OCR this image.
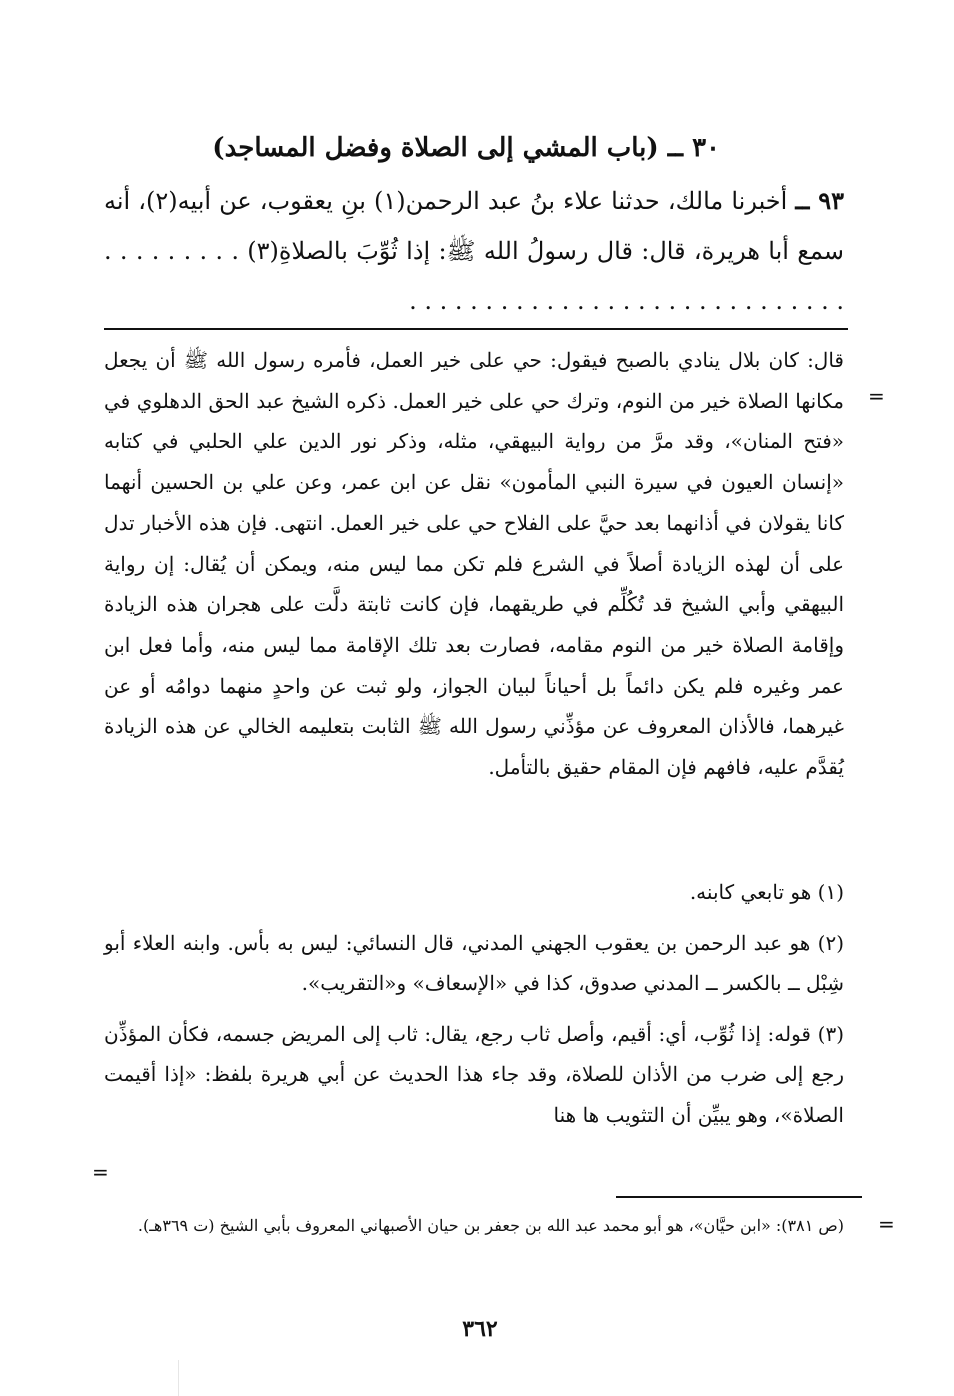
٣٠ ــ (باب المشي إلى الصلاة وفضل المساجد)
٩٣ ــ أخبرنا مالك، حدثنا علاء بنُ عبد الرحمن(١) بنِ يعقوب، عن أبيه(٢)، أنه سمع أبا هريرة، قال: قال رسولُ الله ﷺ: إذا ثُوِّبَ بالصلاةِ(٣) . . . . . . . . . . . . . . . . . . . . . . . . . . . . . . . . . . . . . .
=
قال: كان بلال ينادي بالصبح فيقول: حي على خير العمل، فأمره رسول الله ﷺ أن يجعل مكانها الصلاة خير من النوم، وترك حي على خير العمل. ذكره الشيخ عبد الحق الدهلوي في «فتح المنان»، وقد مرَّ من رواية البيهقي، مثله، وذكر نور الدين علي الحلبي في كتابه «إنسان العيون في سيرة النبي المأمون» نقل عن ابن عمر، وعن علي بن الحسين أنهما كانا يقولان في أذانهما بعد حيَّ على الفلاح حي على خير العمل. انتهى. فإن هذه الأخبار تدل على أن لهذه الزيادة أصلاً في الشرع فلم تكن مما ليس منه، ويمكن أن يُقال: إن رواية البيهقي وأبي الشيخ قد تُكُلِّم في طريقهما، فإن كانت ثابتة دلَّت على هجران هذه الزيادة وإقامة الصلاة خير من النوم مقامه، فصارت بعد تلك الإقامة مما ليس منه، وأما فعل ابن عمر وغيره فلم يكن دائماً بل أحياناً لبيان الجواز، ولو ثبت عن واحدٍ منهما دوامُه أو عن غيرهما، فالأذان المعروف عن مؤذِّني رسول الله ﷺ الثابت بتعليمه الخالي عن هذه الزيادة يُقدَّم عليه، فافهم فإن المقام حقيق بالتأمل.

(١) هو تابعي كابنه.

(٢) هو عبد الرحمن بن يعقوب الجهني المدني، قال النسائي: ليس به بأس. وابنه العلاء أبو شِبْل ــ بالكسر ــ المدني صدوق، كذا في «الإسعاف» و«التقريب».

(٣) قوله: إذا ثُوِّب، أي: أقيم، وأصل ثاب رجع، يقال: ثاب إلى المريض جسمه، فكأن المؤذِّن رجع إلى ضرب من الأذان للصلاة، وقد جاء هذا الحديث عن أبي هريرة بلفظ: «إذا أقيمت الصلاة»، وهو يبيِّن أن التثويب ها هنا

=
=
(ص ٣٨١): «ابن حيَّان»، هو أبو محمد عبد الله بن جعفر بن حيان الأصبهاني المعروف بأبي الشيخ (ت ٣٦٩هـ).
٣٦٢
